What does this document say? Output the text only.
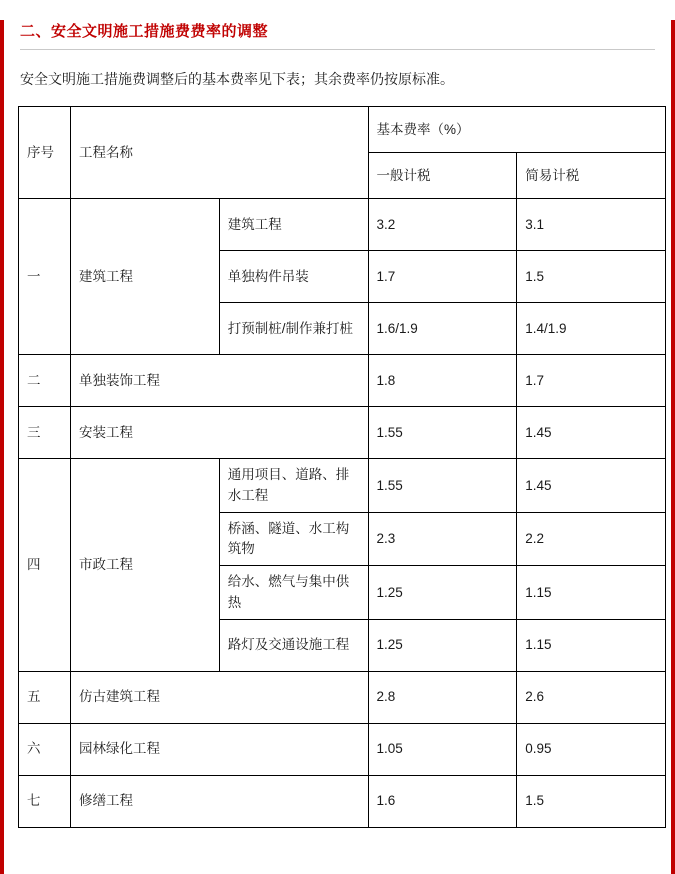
二、安全文明施工措施费费率的调整

安全文明施工措施费调整后的基本费率见下表；其余费率仍按原标准。

序号	工程名称		基本费率（%）	
			一般计税	简易计税
一	建筑工程	建筑工程	3.2	3.1
		单独构件吊装	1.7	1.5
		打预制桩/制作兼打桩	1.6/1.9	1.4/1.9
二	单独装饰工程		1.8	1.7
三	安装工程		1.55	1.45
四	市政工程	通用项目、道路、排水工程	1.55	1.45
		桥涵、隧道、水工构筑物	2.3	2.2
		给水、燃气与集中供热	1.25	1.15
		路灯及交通设施工程	1.25	1.15
五	仿古建筑工程		2.8	2.6
六	园林绿化工程		1.05	0.95
七	修缮工程		1.6	1.5
